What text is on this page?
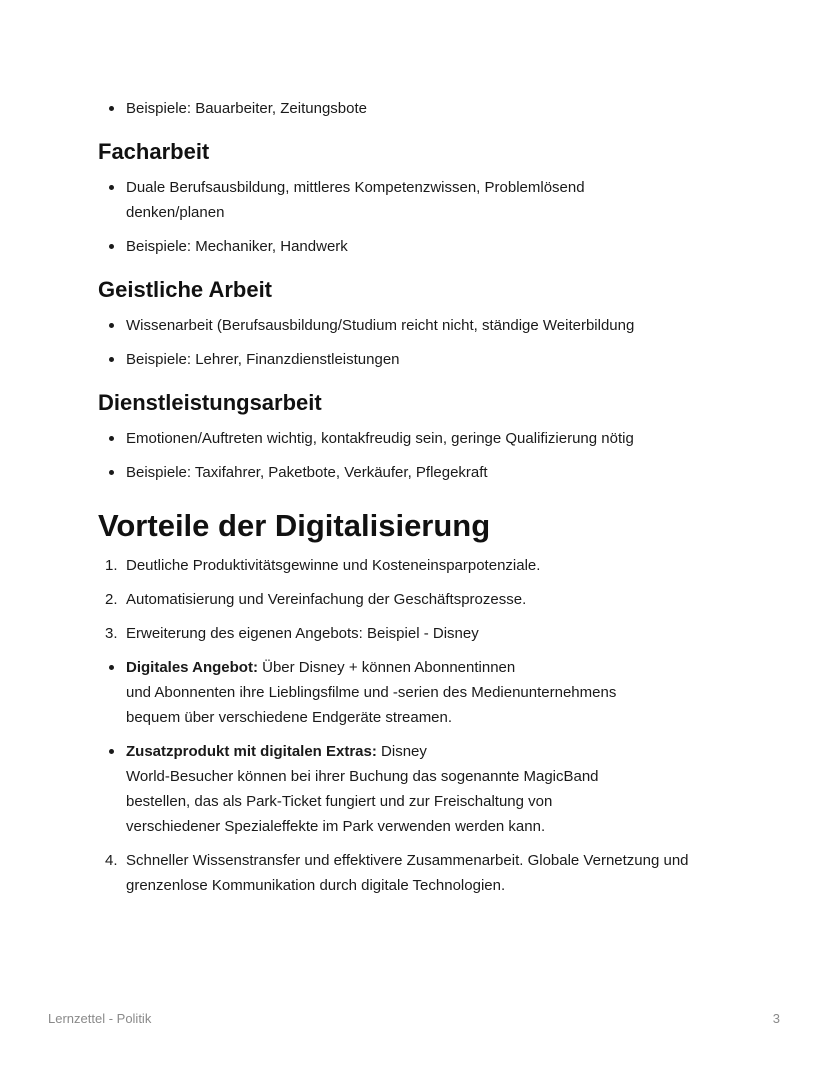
Beispiele: Bauarbeiter, Zeitungsbote
Facharbeit
Duale Berufsausbildung, mittleres Kompetenzwissen, Problemlösend denken/planen
Beispiele: Mechaniker, Handwerk
Geistliche Arbeit
Wissenarbeit (Berufsausbildung/Studium reicht nicht, ständige Weiterbildung
Beispiele: Lehrer, Finanzdienstleistungen
Dienstleistungsarbeit
Emotionen/Auftreten wichtig, kontakfreudig sein, geringe Qualifizierung nötig
Beispiele: Taxifahrer, Paketbote, Verkäufer, Pflegekraft
Vorteile der Digitalisierung
1. Deutliche Produktivitätsgewinne und Kosteneinsparpotenziale.
2. Automatisierung und Vereinfachung der Geschäftsprozesse.
3. Erweiterung des eigenen Angebots: Beispiel - Disney
Digitales Angebot: Über Disney + können Abonnentinnen
und Abonnenten ihre Lieblingsfilme und -serien des Medienunternehmens bequem über verschiedene Endgeräte streamen.
Zusatzprodukt mit digitalen Extras: Disney
World-Besucher können bei ihrer Buchung das sogenannte MagicBand bestellen, das als Park-Ticket fungiert und zur Freischaltung von verschiedener Spezialeffekte im Park verwenden werden kann.
4. Schneller Wissenstransfer und effektivere Zusammenarbeit. Globale Vernetzung und grenzenlose Kommunikation durch digitale Technologien.
Lernzettel - Politik	3
